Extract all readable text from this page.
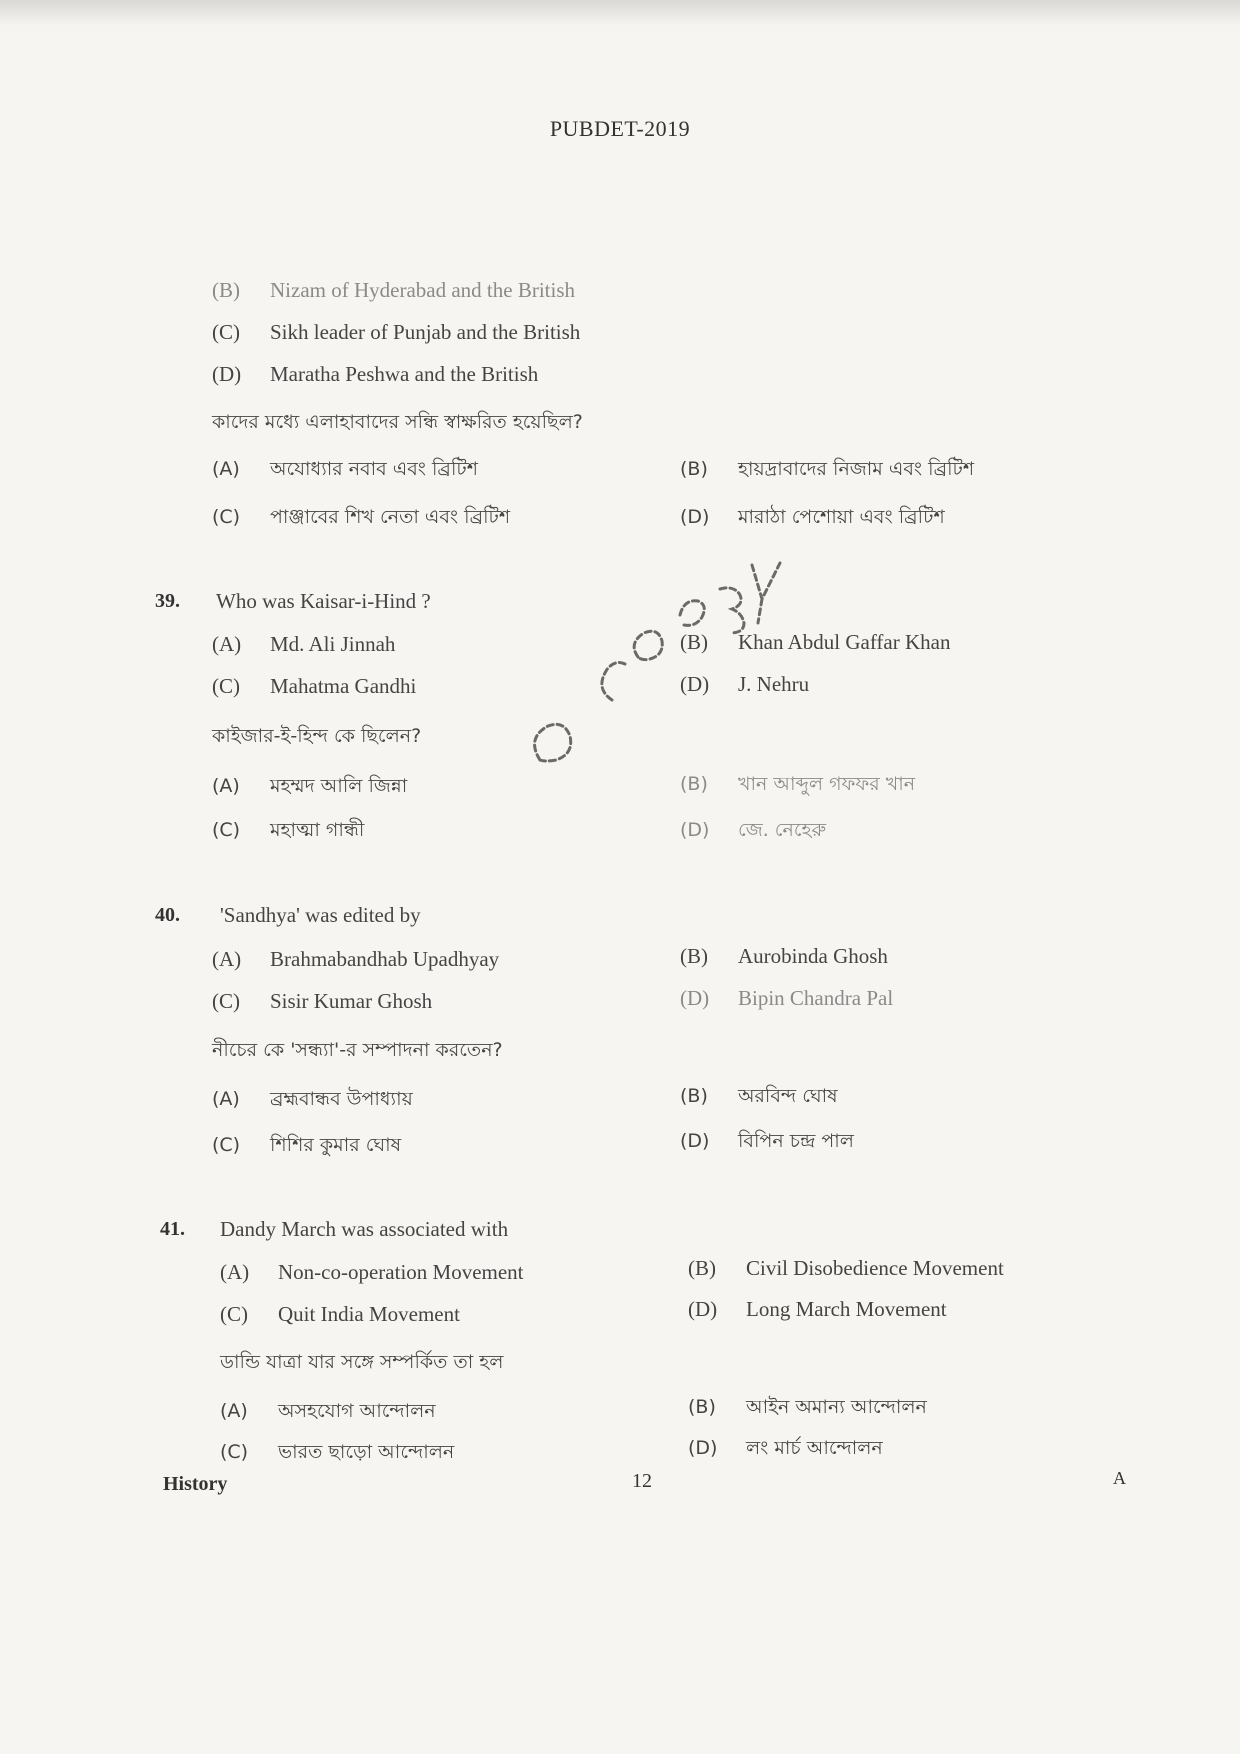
PUBDET-2019
(B) Nizam of Hyderabad and the British
(C) Sikh leader of Punjab and the British
(D) Maratha Peshwa and the British
কাদের মধ্যে এলাহাবাদের সন্ধি স্বাক্ষরিত হয়েছিল?
(A) অযোধ্যার নবাব এবং ব্রিটিশ	(B) হায়দ্রাবাদের নিজাম এবং ব্রিটিশ
(C) পাঞ্জাবের শিখ নেতা এবং ব্রিটিশ	(D) মারাঠা পেশোয়া এবং ব্রিটিশ
39. Who was Kaisar-i-Hind ?
(A) Md. Ali Jinnah	(B) Khan Abdul Gaffar Khan
(C) Mahatma Gandhi	(D) J. Nehru
কাইজার-ই-হিন্দ কে ছিলেন?
(A) মহম্মদ আলি জিন্না	(B) খান আব্দুল গফফর খান
(C) মহাত্মা গান্ধী	(D) জে. নেহেরু
40. 'Sandhya' was edited by
(A) Brahmabandhab Upadhyay	(B) Aurobinda Ghosh
(C) Sisir Kumar Ghosh	(D) Bipin Chandra Pal
নীচের কে 'সন্ধ্যা'-র সম্পাদনা করতেন?
(A) ব্রহ্মবান্ধব উপাধ্যায়	(B) অরবিন্দ ঘোষ
(C) শিশির কুমার ঘোষ	(D) বিপিন চন্দ্র পাল
41. Dandy March was associated with
(A) Non-co-operation Movement	(B) Civil Disobedience Movement
(C) Quit India Movement	(D) Long March Movement
ডান্ডি যাত্রা যার সঙ্গে সম্পর্কিত তা হল
(A) অসহযোগ আন্দোলন	(B) আইন অমান্য আন্দোলন
(C) ভারত ছাড়ো আন্দোলন	(D) লং মার্চ আন্দোলন
History	12	A
